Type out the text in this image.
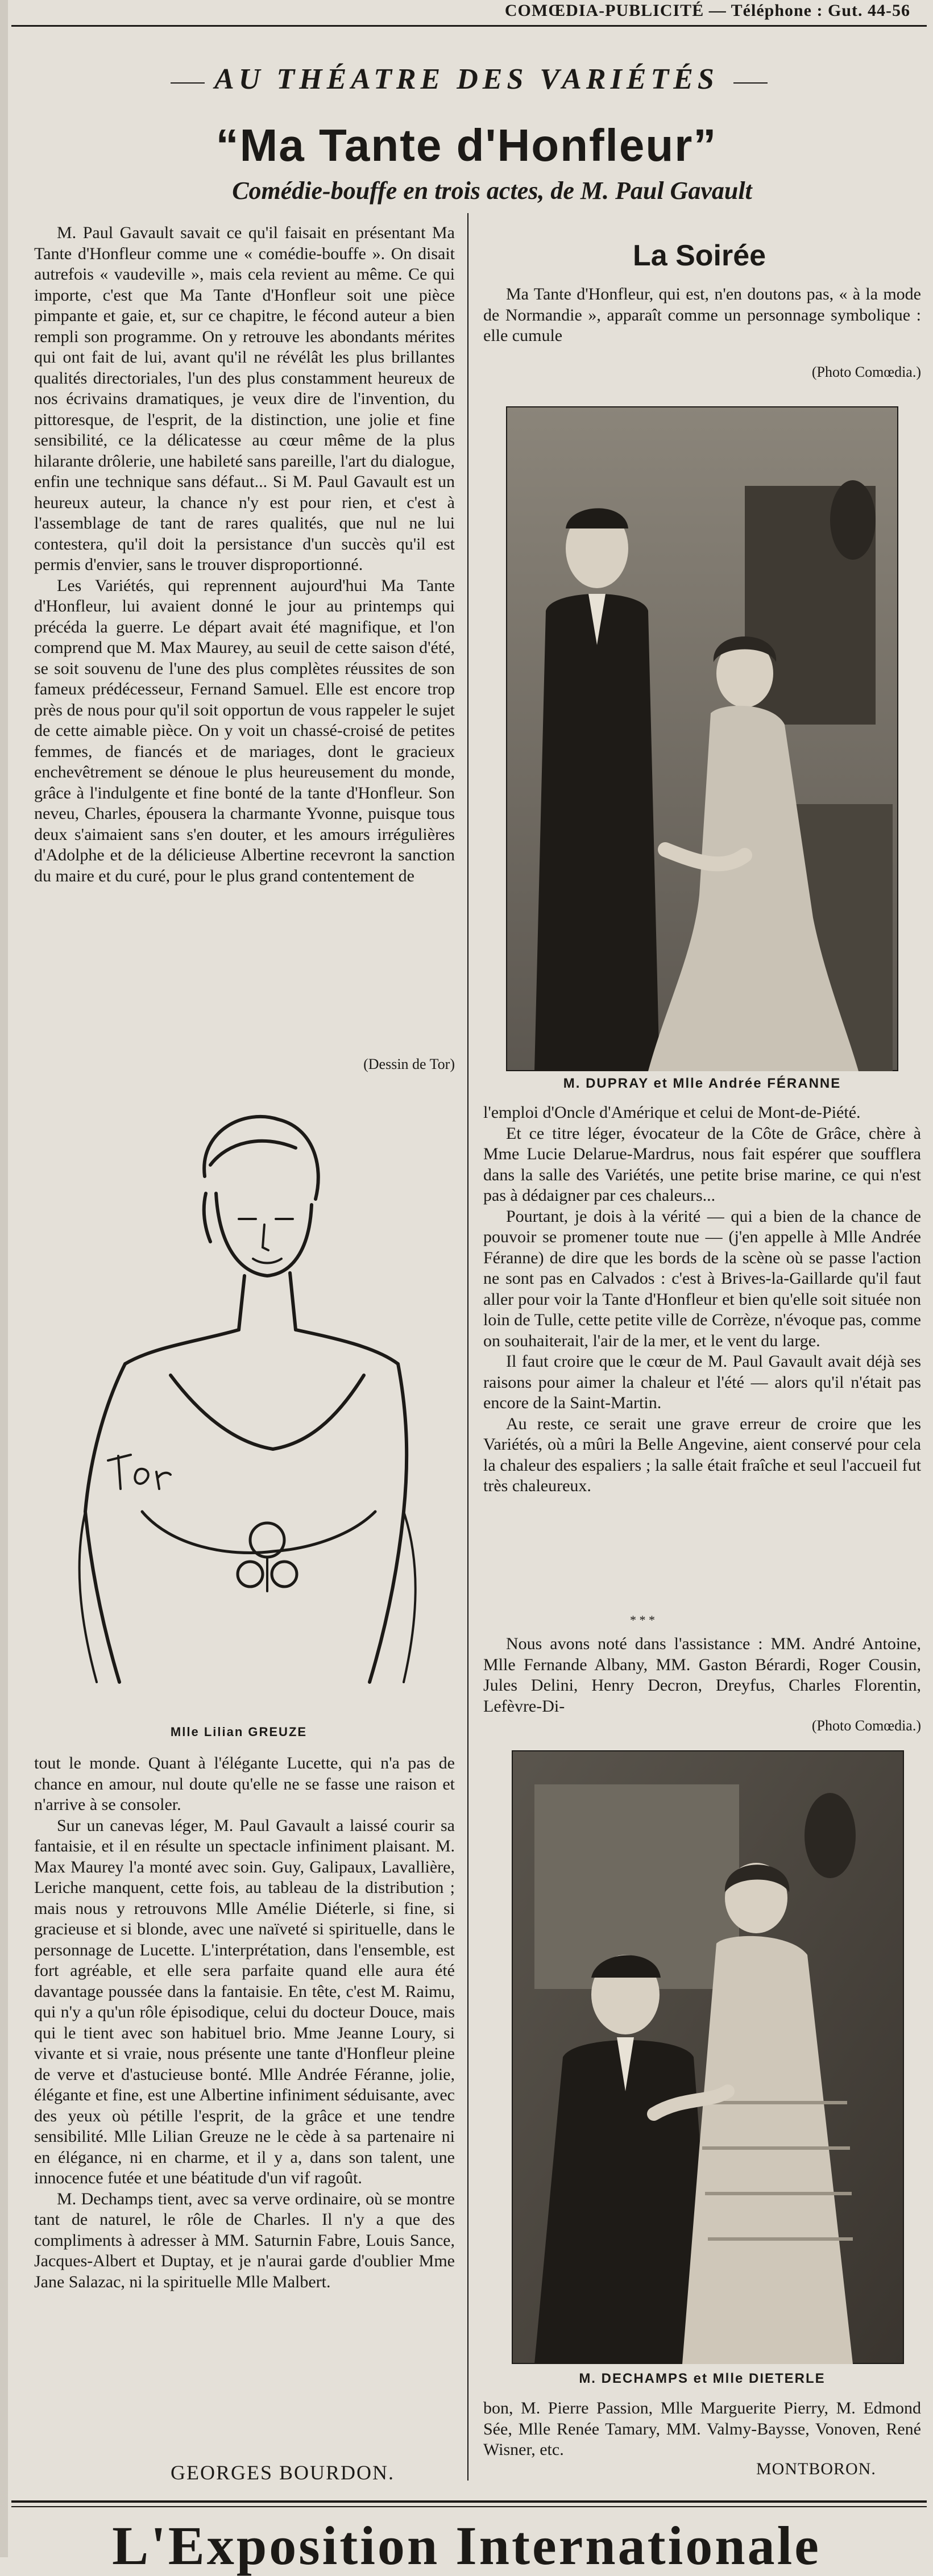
COMŒDIA-PUBLICITÉ — Téléphone : Gut. 44-56
AU THÉATRE DES VARIÉTÉS
“Ma Tante d'Honfleur”
Comédie-bouffe en trois actes, de M. Paul Gavault

M. Paul Gavault savait ce qu'il faisait en présentant Ma Tante d'Honfleur comme une « comédie-bouffe ». On disait autrefois « vaudeville », mais cela revient au même. Ce qui importe, c'est que Ma Tante d'Honfleur soit une pièce pimpante et gaie, et, sur ce chapitre, le fécond auteur a bien rempli son programme. On y retrouve les abondants mérites qui ont fait de lui, avant qu'il ne révélât les plus brillantes qualités directoriales, l'un des plus constamment heureux de nos écrivains dramatiques, je veux dire de l'invention, du pittoresque, de l'esprit, de la distinction, une jolie et fine sensibilité, ce la délicatesse au cœur même de la plus hilarante drôlerie, une habileté sans pareille, l'art du dialogue, enfin une technique sans défaut... Si M. Paul Gavault est un heureux auteur, la chance n'y est pour rien, et c'est à l'assemblage de tant de rares qualités, que nul ne lui contestera, qu'il doit la persistance d'un succès qu'il est permis d'envier, sans le trouver disproportionné.

Les Variétés, qui reprennent aujourd'hui Ma Tante d'Honfleur, lui avaient donné le jour au printemps qui précéda la guerre. Le départ avait été magnifique, et l'on comprend que M. Max Maurey, au seuil de cette saison d'été, se soit souvenu de l'une des plus complètes réussites de son fameux prédécesseur, Fernand Samuel. Elle est encore trop près de nous pour qu'il soit opportun de vous rappeler le sujet de cette aimable pièce. On y voit un chassé-croisé de petites femmes, de fiancés et de mariages, dont le gracieux enchevêtrement se dénoue le plus heureusement du monde, grâce à l'indulgente et fine bonté de la tante d'Honfleur. Son neveu, Charles, épousera la charmante Yvonne, puisque tous deux s'aimaient sans s'en douter, et les amours irrégulières d'Adolphe et de la délicieuse Albertine recevront la sanction du maire et du curé, pour le plus grand contentement de

(Dessin de Tor)
Mlle Lilian GREUZE

tout le monde. Quant à l'élégante Lucette, qui n'a pas de chance en amour, nul doute qu'elle ne se fasse une raison et n'arrive à se consoler.

Sur un canevas léger, M. Paul Gavault a laissé courir sa fantaisie, et il en résulte un spectacle infiniment plaisant. M. Max Maurey l'a monté avec soin. Guy, Galipaux, Lavallière, Leriche manquent, cette fois, au tableau de la distribution ; mais nous y retrouvons Mlle Amélie Diéterle, si fine, si gracieuse et si blonde, avec une naïveté si spirituelle, dans le personnage de Lucette. L'interprétation, dans l'ensemble, est fort agréable, et elle sera parfaite quand elle aura été davantage poussée dans la fantaisie. En tête, c'est M. Raimu, qui n'y a qu'un rôle épisodique, celui du docteur Douce, mais qui le tient avec son habituel brio. Mme Jeanne Loury, si vivante et si vraie, nous présente une tante d'Honfleur pleine de verve et d'astucieuse bonté. Mlle Andrée Féranne, jolie, élégante et fine, est une Albertine infiniment séduisante, avec des yeux où pétille l'esprit, de la grâce et une tendre sensibilité. Mlle Lilian Greuze ne le cède à sa partenaire ni en élégance, ni en charme, et il y a, dans son talent, une innocence futée et une béatitude d'un vif ragoût.

M. Dechamps tient, avec sa verve ordinaire, où se montre tant de naturel, le rôle de Charles. Il n'y a que des compliments à adresser à MM. Saturnin Fabre, Louis Sance, Jacques-Albert et Duptay, et je n'aurai garde d'oublier Mme Jane Salazac, ni la spirituelle Mlle Malbert.

GEORGES BOURDON.
La Soirée

Ma Tante d'Honfleur, qui est, n'en doutons pas, « à la mode de Normandie », apparaît comme un personnage symbolique : elle cumule

(Photo Comœdia.)
M. DUPRAY et Mlle Andrée FÉRANNE

l'emploi d'Oncle d'Amérique et celui de Mont-de-Piété.

Et ce titre léger, évocateur de la Côte de Grâce, chère à Mme Lucie Delarue-Mardrus, nous fait espérer que soufflera dans la salle des Variétés, une petite brise marine, ce qui n'est pas à dédaigner par ces chaleurs...

Pourtant, je dois à la vérité — qui a bien de la chance de pouvoir se promener toute nue — (j'en appelle à Mlle Andrée Féranne) de dire que les bords de la scène où se passe l'action ne sont pas en Calvados : c'est à Brives-la-Gaillarde qu'il faut aller pour voir la Tante d'Honfleur et bien qu'elle soit située non loin de Tulle, cette petite ville de Corrèze, n'évoque pas, comme on souhaiterait, l'air de la mer, et le vent du large.

Il faut croire que le cœur de M. Paul Gavault avait déjà ses raisons pour aimer la chaleur et l'été — alors qu'il n'était pas encore de la Saint-Martin.

Au reste, ce serait une grave erreur de croire que les Variétés, où a mûri la Belle Angevine, aient conservé pour cela la chaleur des espaliers ; la salle était fraîche et seul l'accueil fut très chaleureux.

* * *

Nous avons noté dans l'assistance : MM. André Antoine, Mlle Fernande Albany, MM. Gaston Bérardi, Roger Cousin, Jules Delini, Henry Decron, Dreyfus, Charles Florentin, Lefèvre-Di-

(Photo Comœdia.)
M. DECHAMPS et Mlle DIETERLE

bon, M. Pierre Passion, Mlle Marguerite Pierry, M. Edmond Sée, Mlle Renée Tamary, MM. Valmy-Baysse, Vonoven, René Wisner, etc.

MONTBORON.
L'Exposition Internationale
